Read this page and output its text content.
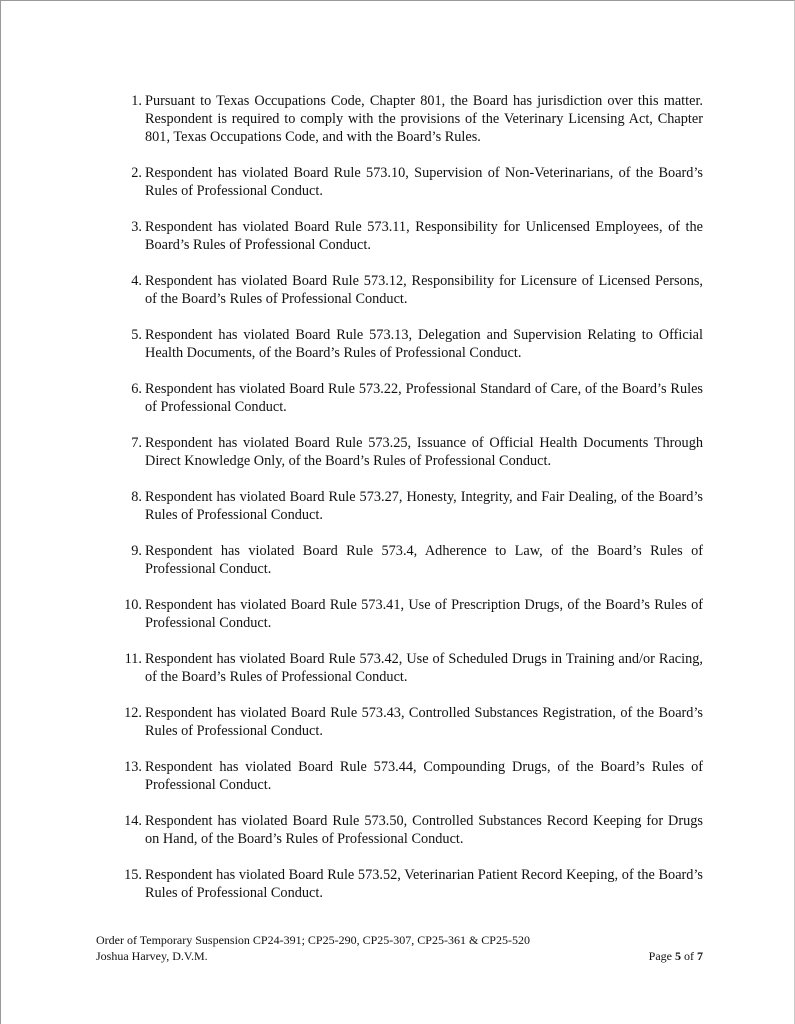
1. Pursuant to Texas Occupations Code, Chapter 801, the Board has jurisdiction over this matter. Respondent is required to comply with the provisions of the Veterinary Licensing Act, Chapter 801, Texas Occupations Code, and with the Board’s Rules.
2. Respondent has violated Board Rule 573.10, Supervision of Non-Veterinarians, of the Board’s Rules of Professional Conduct.
3. Respondent has violated Board Rule 573.11, Responsibility for Unlicensed Employees, of the Board’s Rules of Professional Conduct.
4. Respondent has violated Board Rule 573.12, Responsibility for Licensure of Licensed Persons, of the Board’s Rules of Professional Conduct.
5. Respondent has violated Board Rule 573.13, Delegation and Supervision Relating to Official Health Documents, of the Board’s Rules of Professional Conduct.
6. Respondent has violated Board Rule 573.22, Professional Standard of Care, of the Board’s Rules of Professional Conduct.
7. Respondent has violated Board Rule 573.25, Issuance of Official Health Documents Through Direct Knowledge Only, of the Board’s Rules of Professional Conduct.
8. Respondent has violated Board Rule 573.27, Honesty, Integrity, and Fair Dealing, of the Board’s Rules of Professional Conduct.
9. Respondent has violated Board Rule 573.4, Adherence to Law, of the Board’s Rules of Professional Conduct.
10. Respondent has violated Board Rule 573.41, Use of Prescription Drugs, of the Board’s Rules of Professional Conduct.
11. Respondent has violated Board Rule 573.42, Use of Scheduled Drugs in Training and/or Racing, of the Board’s Rules of Professional Conduct.
12. Respondent has violated Board Rule 573.43, Controlled Substances Registration, of the Board’s Rules of Professional Conduct.
13. Respondent has violated Board Rule 573.44, Compounding Drugs, of the Board’s Rules of Professional Conduct.
14. Respondent has violated Board Rule 573.50, Controlled Substances Record Keeping for Drugs on Hand, of the Board’s Rules of Professional Conduct.
15. Respondent has violated Board Rule 573.52, Veterinarian Patient Record Keeping, of the Board’s Rules of Professional Conduct.
Order of Temporary Suspension CP24-391; CP25-290, CP25-307, CP25-361 & CP25-520
Joshua Harvey, D.V.M.	Page 5 of 7
